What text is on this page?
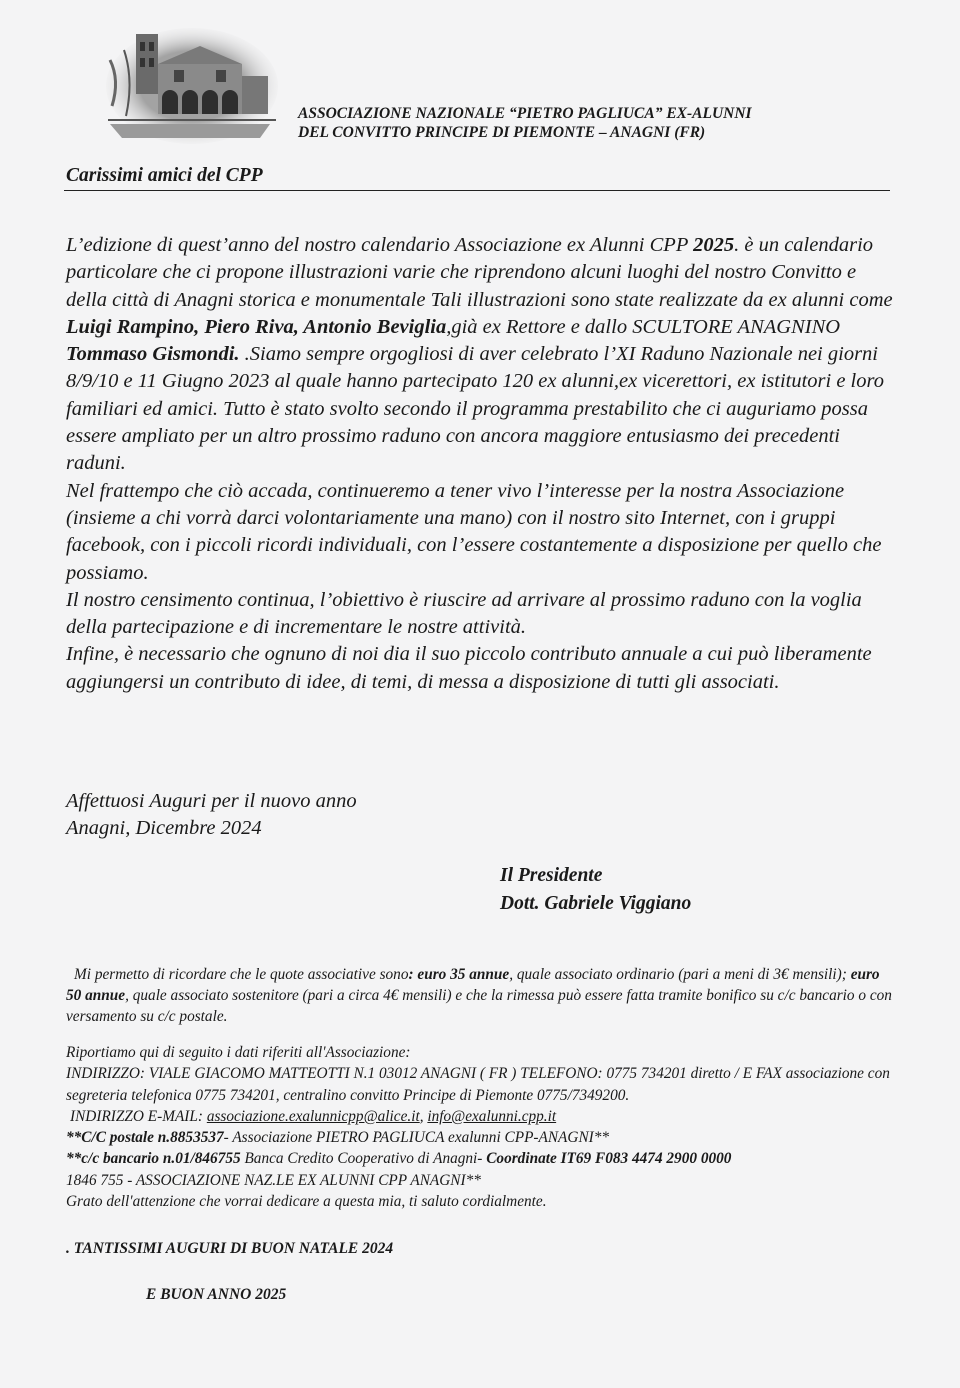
ASSOCIAZIONE NAZIONALE “PIETRO PAGLIUCA” EX-ALUNNI
DEL CONVITTO PRINCIPE DI PIEMONTE – ANAGNI (FR)
Carissimi amici del CPP

L’edizione di quest’anno del nostro calendario Associazione ex Alunni CPP 2025. è un calendario particolare che ci propone illustrazioni varie che riprendono alcuni luoghi del nostro Convitto e della città di Anagni storica e monumentale Tali illustrazioni sono state realizzate da ex alunni come Luigi Rampino, Piero Riva, Antonio Beviglia,già ex Rettore e dallo SCULTORE ANAGNINO Tommaso Gismondi. .Siamo sempre orgogliosi di aver celebrato l’XI Raduno Nazionale nei giorni 8/9/10 e 11 Giugno 2023 al quale hanno partecipato 120 ex alunni,ex vicerettori, ex istitutori e loro familiari ed amici. Tutto è stato svolto secondo il programma prestabilito che ci auguriamo possa essere ampliato per un altro prossimo raduno con ancora maggiore entusiasmo dei precedenti raduni.

Nel frattempo che ciò accada, continueremo a tener vivo l’interesse per la nostra Associazione (insieme a chi vorrà darci volontariamente una mano) con il nostro sito Internet, con i gruppi facebook, con i piccoli ricordi individuali, con l’essere costantemente a disposizione per quello che possiamo.

Il nostro censimento continua, l’obiettivo è riuscire ad arrivare al prossimo raduno con la voglia della partecipazione e di incrementare le nostre attività.

Infine, è necessario che ognuno di noi dia il suo piccolo contributo annuale a cui può liberamente aggiungersi un contributo di idee, di temi, di messa a disposizione di tutti gli associati.

Affettuosi Auguri per il nuovo anno
Anagni, Dicembre 2024
Il Presidente
Dott. Gabriele Viggiano
Mi permetto di ricordare che le quote associative sono: euro 35 annue, quale associato ordinario (pari a meni di 3€ mensili); euro 50 annue, quale associato sostenitore (pari a circa 4€ mensili) e che la rimessa può essere fatta tramite bonifico su c/c bancario o con versamento su c/c postale.
Riportiamo qui di seguito i dati riferiti all'Associazione:
INDIRIZZO: VIALE GIACOMO MATTEOTTI N.1 03012 ANAGNI ( FR ) TELEFONO: 0775 734201 diretto / E FAX associazione con segreteria telefonica 0775 734201, centralino convitto Principe di Piemonte 0775/7349200.
INDIRIZZO E-MAIL: associazione.exalunnicpp@alice.it, info@exalunni.cpp.it
**C/C postale n.8853537- Associazione PIETRO PAGLIUCA exalunni CPP-ANAGNI**
**c/c bancario n.01/846755 Banca Credito Cooperativo di Anagni- Coordinate IT69 F083 4474 2900 0000
1846 755 - ASSOCIAZIONE NAZ.LE EX ALUNNI CPP ANAGNI**
Grato dell'attenzione che vorrai dedicare a questa mia, ti saluto cordialmente.
. TANTISSIMI AUGURI DI BUON NATALE 2024
E BUON ANNO 2025
